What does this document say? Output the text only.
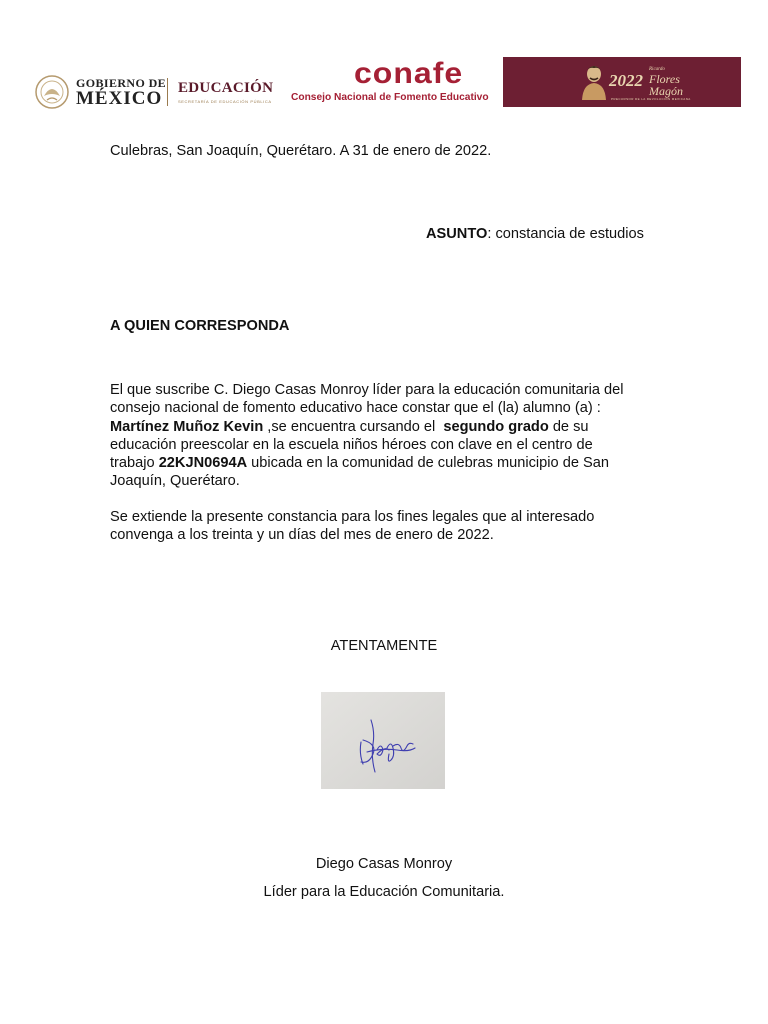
GOBIERNO DE
MÉXICO EDUCACIÓN
SECRETARÍA DE EDUCACIÓN PÚBLICA
conafe
Consejo Nacional de Fomento Educativo
2022
Ricardo
Flores
Magón
PRECURSOR DE LA REVOLUCIÓN MEXICANA
Culebras, San Joaquín, Querétaro. A 31 de enero de 2022.
ASUNTO: constancia de estudios
A QUIEN CORRESPONDA
El que suscribe C. Diego Casas Monroy líder para la educación comunitaria del
consejo nacional de fomento educativo hace constar que el (la) alumno (a) :
Martínez Muñoz Kevin ,se encuentra cursando el  segundo grado de su
educación preescolar en la escuela niños héroes con clave en el centro de
trabajo 22KJN0694A ubicada en la comunidad de culebras municipio de San
Joaquín, Querétaro.
Se extiende la presente constancia para los fines legales que al interesado
convenga a los treinta y un días del mes de enero de 2022.
ATENTAMENTE
Diego Casas Monroy
Líder para la Educación Comunitaria.
